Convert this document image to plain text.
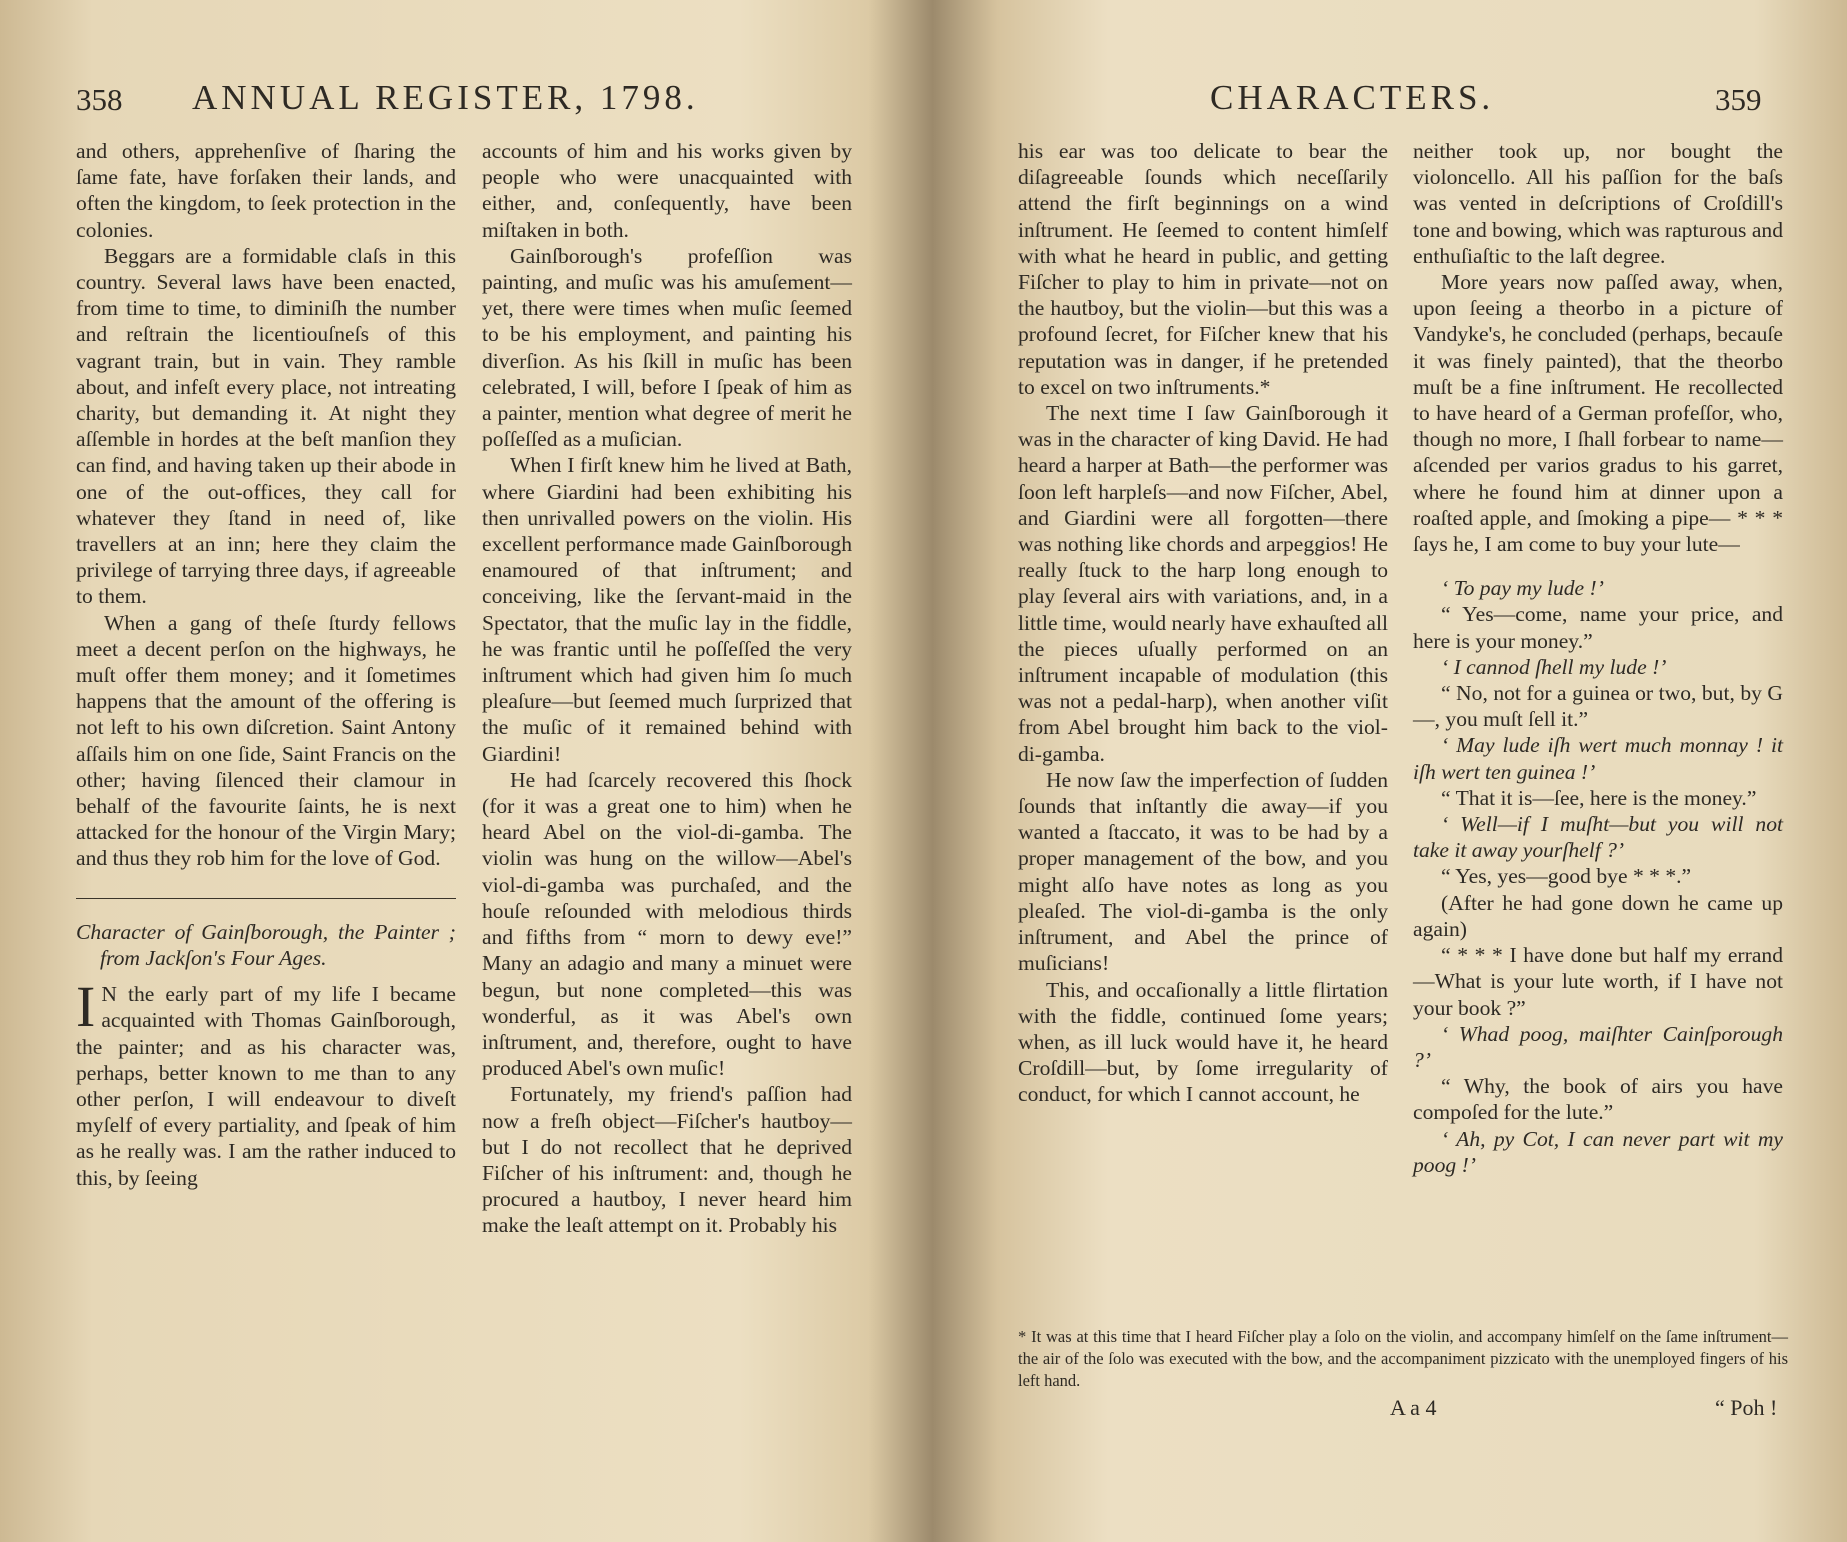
358 ANNUAL REGISTER, 1798.

and others, apprehenſive of ſharing the ſame fate, have forſaken their lands, and often the kingdom, to ſeek protection in the colonies.

Beggars are a formidable claſs in this country. Several laws have been enacted, from time to time, to diminiſh the number and reſtrain the licentiouſneſs of this vagrant train, but in vain. They ramble about, and infeſt every place, not intreating charity, but demanding it. At night they aſſemble in hordes at the beſt manſion they can find, and having taken up their abode in one of the out-offices, they call for whatever they ſtand in need of, like travellers at an inn; here they claim the privilege of tarrying three days, if agreeable to them.

When a gang of theſe ſturdy fellows meet a decent perſon on the highways, he muſt offer them money; and it ſometimes happens that the amount of the offering is not left to his own diſcretion. Saint Antony aſſails him on one ſide, Saint Francis on the other; having ſilenced their clamour in behalf of the favourite ſaints, he is next attacked for the honour of the Virgin Mary; and thus they rob him for the love of God.

Character of Gainſborough, the Painter ; from Jackſon's Four Ages.
I N the early part of my life I became acquainted with Thomas Gainſborough, the painter; and as his character was, perhaps, better known to me than to any other perſon, I will endeavour to diveſt myſelf of every partiality, and ſpeak of him as he really was. I am the rather induced to this, by ſeeing

accounts of him and his works given by people who were unacquainted with either, and, conſequently, have been miſtaken in both.

Gainſborough's profeſſion was painting, and muſic was his amuſement—yet, there were times when muſic ſeemed to be his employment, and painting his diverſion. As his ſkill in muſic has been celebrated, I will, before I ſpeak of him as a painter, mention what degree of merit he poſſeſſed as a muſician.

When I firſt knew him he lived at Bath, where Giardini had been exhibiting his then unrivalled powers on the violin. His excellent performance made Gainſborough enamoured of that inſtrument; and conceiving, like the ſervant-maid in the Spectator, that the muſic lay in the fiddle, he was frantic until he poſſeſſed the very inſtrument which had given him ſo much pleaſure—but ſeemed much ſurprized that the muſic of it remained behind with Giardini!

He had ſcarcely recovered this ſhock (for it was a great one to him) when he heard Abel on the viol-di-gamba. The violin was hung on the willow—Abel's viol-di-gamba was purchaſed, and the houſe reſounded with melodious thirds and fifths from “ morn to dewy eve!” Many an adagio and many a minuet were begun, but none completed—this was wonderful, as it was Abel's own inſtrument, and, therefore, ought to have produced Abel's own muſic!

Fortunately, my friend's paſſion had now a freſh object—Fiſcher's hautboy—but I do not recollect that he deprived Fiſcher of his inſtrument: and, though he procured a hautboy, I never heard him make the leaſt attempt on it. Probably his

CHARACTERS.	359

his ear was too delicate to bear the diſagreeable ſounds which neceſſarily attend the firſt beginnings on a wind inſtrument. He ſeemed to content himſelf with what he heard in public, and getting Fiſcher to play to him in private—not on the hautboy, but the violin—but this was a profound ſecret, for Fiſcher knew that his reputation was in danger, if he pretended to excel on two inſtruments.*

The next time I ſaw Gainſborough it was in the character of king David. He had heard a harper at Bath—the performer was ſoon left harpleſs—and now Fiſcher, Abel, and Giardini were all forgotten—there was nothing like chords and arpeggios! He really ſtuck to the harp long enough to play ſeveral airs with variations, and, in a little time, would nearly have exhauſted all the pieces uſually performed on an inſtrument incapable of modulation (this was not a pedal-harp), when another viſit from Abel brought him back to the viol-di-gamba.

He now ſaw the imperfection of ſudden ſounds that inſtantly die away—if you wanted a ſtaccato, it was to be had by a proper management of the bow, and you might alſo have notes as long as you pleaſed. The viol-di-gamba is the only inſtrument, and Abel the prince of muſicians!

This, and occaſionally a little flirtation with the fiddle, continued ſome years; when, as ill luck would have it, he heard Croſdill—but, by ſome irregularity of conduct, for which I cannot account, he

neither took up, nor bought the violoncello. All his paſſion for the baſs was vented in deſcriptions of Croſdill's tone and bowing, which was rapturous and enthuſiaſtic to the laſt degree.

More years now paſſed away, when, upon ſeeing a theorbo in a picture of Vandyke's, he concluded (perhaps, becauſe it was finely painted), that the theorbo muſt be a fine inſtrument. He recollected to have heard of a German profeſſor, who, though no more, I ſhall forbear to name—aſcended per varios gradus to his garret, where he found him at dinner upon a roaſted apple, and ſmoking a pipe— * * * ſays he, I am come to buy your lute—

‘ To pay my lude !’

“ Yes—come, name your price, and here is your money.”

‘ I cannod ſhell my lude !’

“ No, not for a guinea or two, but, by G—, you muſt ſell it.”

‘ May lude iſh wert much monnay ! it iſh wert ten guinea !’

“ That it is—ſee, here is the money.”

‘ Well—if I muſht—but you will not take it away yourſhelf ?’

“ Yes, yes—good bye * * *.”

(After he had gone down he came up again)

“ * * * I have done but half my errand—What is your lute worth, if I have not your book ?”

‘ Whad poog, maiſhter Cainſporough ?’

“ Why, the book of airs you have compoſed for the lute.”

‘ Ah, py Cot, I can never part wit my poog !’

* It was at this time that I heard Fiſcher play a ſolo on the violin, and accompany himſelf on the ſame inſtrument—the air of the ſolo was executed with the bow, and the accompaniment pizzicato with the unemployed fingers of his left hand.
A a 4	“ Poh !
